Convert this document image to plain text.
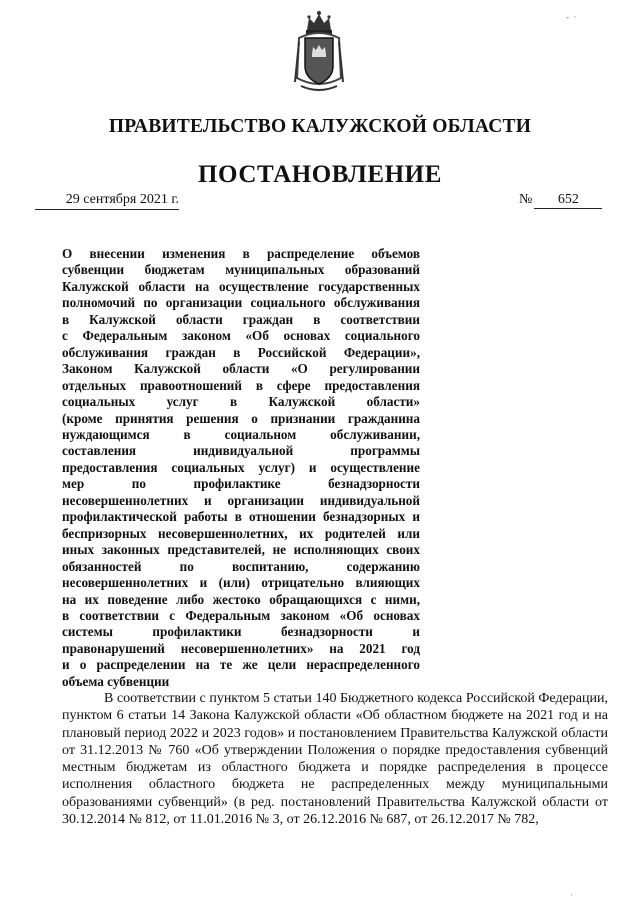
ПРАВИТЕЛЬСТВО КАЛУЖСКОЙ ОБЛАСТИ
ПОСТАНОВЛЕНИЕ
29 сентября 2021 г.	№	652
О внесении изменения в распределение объемов
субвенции бюджетам муниципальных образований
Калужской области на осуществление государственных
полномочий по организации социального обслуживания
в Калужской области граждан в соответствии
с Федеральным законом «Об основах социального
обслуживания граждан в Российской Федерации»,
Законом Калужской области «О регулировании
отдельных правоотношений в сфере предоставления
социальных услуг в Калужской области»
(кроме принятия решения о признании гражданина
нуждающимся в социальном обслуживании,
составления индивидуальной программы
предоставления социальных услуг) и осуществление
мер по профилактике безнадзорности
несовершеннолетних и организации индивидуальной
профилактической работы в отношении безнадзорных и
беспризорных несовершеннолетних, их родителей или
иных законных представителей, не исполняющих своих
обязанностей по воспитанию, содержанию
несовершеннолетних и (или) отрицательно влияющих
на их поведение либо жестоко обращающихся с ними,
в соответствии с Федеральным законом «Об основах
системы профилактики безнадзорности и
правонарушений несовершеннолетних» на 2021 год
и о распределении на те же цели нераспределенного
объема субвенции
В соответствии с пунктом 5 статьи 140 Бюджетного кодекса Российской Федерации, пунктом 6 статьи 14 Закона Калужской области «Об областном бюджете на 2021 год и на плановый период 2022 и 2023 годов» и постановлением Правительства Калужской области от 31.12.2013 № 760 «Об утверждении Положения о порядке предоставления субвенций местным бюджетам из областного бюджета и порядке распределения в процессе исполнения областного бюджета не распределенных между муниципальными образованиями субвенций» (в ред. постановлений Правительства Калужской области от 30.12.2014 № 812, от 11.01.2016 № 3, от 26.12.2016 № 687, от 26.12.2017 № 782,
-  ·
·
